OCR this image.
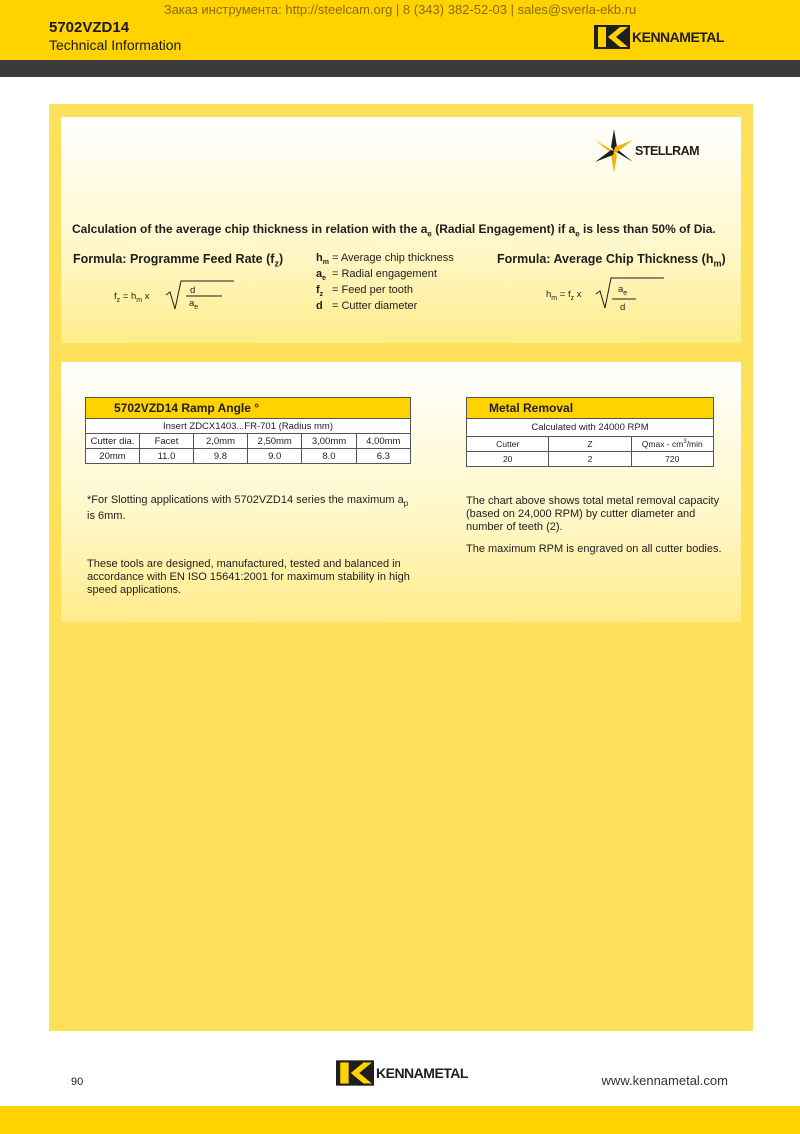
Заказ инструмента: http://steelcam.org | 8 (343) 382-52-03 | sales@sverla-ekb.ru
5702VZD14
Technical Information	KENNAMETAL
STELLRAM
Calculation of the average chip thickness in relation with the $a_e$ (Radial Engagement) if $a_e$ is less than 50% of Dia.
Formula: Programme Feed Rate $(f_z)$
$f_z = h_m$ x
d
$a_e$
$h_m$ = Average chip thickness
$a_e$ = Radial engagement
$f_z$ = Feed per tooth
d = Cutter diameter
Formula: Average Chip Thickness $(h_m)$
$h_m = f_z$ x	$a_e$
d
5702VZD14 Ramp Angle °					
Insert ZDCX1403...FR-701 (Radius mm)					
Cutter dia.	Facet	2,0mm	2,50mm	3,00mm	4,00mm
20mm	11.0	9.8	9.0	8.0	6.3
Metal Removal		
Calculated with 24000 RPM		
Cutter	Z	Qmax - $cm^3/\min$
20	2	720
*For Slotting applications with 5702VZD14 series the maximum $a_p$
is 6mm.
These tools are designed, manufactured, tested and balanced in
accordance with EN ISO 15641:2001 for maximum stability in high
speed applications.
The chart above shows total metal removal capacity
(based on 24,000 RPM) by cutter diameter and
number of teeth (2).
The maximum RPM is engraved on all cutter bodies.
90
KENNAMETAL	www.kennametal.com
